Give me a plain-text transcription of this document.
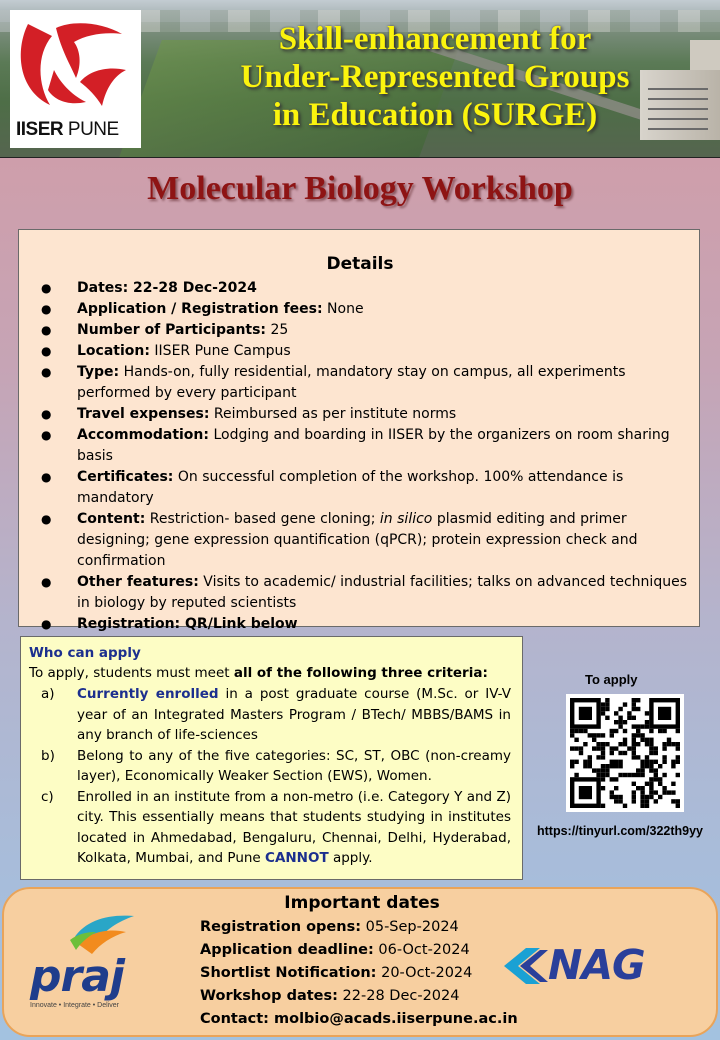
IISER PUNE
Skill-enhancement for
Under-Represented Groups
in Education (SURGE)
Molecular Biology Workshop
Details
● Dates: 22-28 Dec-2024
● Application / Registration fees: None
● Number of Participants: 25
● Location: IISER Pune Campus
● Type: Hands-on, fully residential, mandatory stay on campus, all experiments performed by every participant
● Travel expenses: Reimbursed as per institute norms
● Accommodation: Lodging and boarding in IISER by the organizers on room sharing basis
● Certificates: On successful completion of the workshop. 100% attendance is mandatory
● Content: Restriction- based gene cloning; in silico plasmid editing and primer designing; gene expression quantification (qPCR); protein expression check and confirmation
● Other features: Visits to academic/ industrial facilities; talks on advanced techniques in biology by reputed scientists
● Registration: QR/Link below
Who can apply
To apply, students must meet all of the following three criteria:
a) Currently enrolled in a post graduate course (M.Sc. or IV-V year of an Integrated Masters Program / BTech/ MBBS/BAMS in any branch of life-sciences
b) Belong to any of the five categories: SC, ST, OBC (non-creamy layer), Economically Weaker Section (EWS), Women.
c) Enrolled in an institute from a non-metro (i.e. Category Y and Z) city. This essentially means that students studying in institutes located in Ahmedabad, Bengaluru, Chennai, Delhi, Hyderabad, Kolkata, Mumbai, and Pune CANNOT apply.
To apply
https://tinyurl.com/322th9yy
Important dates
Registration opens: 05-Sep-2024
Application deadline: 06-Oct-2024
Shortlist Notification: 20-Oct-2024
Workshop dates: 22-28 Dec-2024
Contact: molbio@acads.iiserpune.ac.in
praj
Innovate • Integrate • Deliver
NAG
